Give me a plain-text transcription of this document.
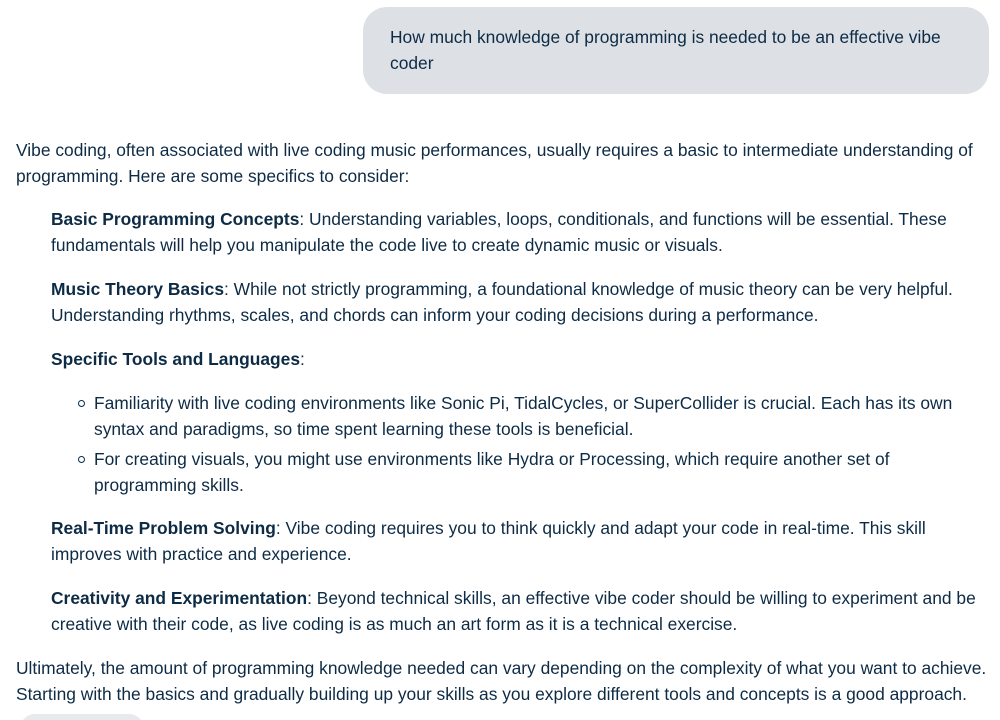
How much knowledge of programming is needed to be an effective vibe coder

Vibe coding, often associated with live coding music performances, usually requires a basic to intermediate understanding of programming. Here are some specifics to consider:

Basic Programming Concepts: Understanding variables, loops, conditionals, and functions will be essential. These fundamentals will help you manipulate the code live to create dynamic music or visuals.
Music Theory Basics: While not strictly programming, a foundational knowledge of music theory can be very helpful. Understanding rhythms, scales, and chords can inform your coding decisions during a performance.
Specific Tools and Languages:
Familiarity with live coding environments like Sonic Pi, TidalCycles, or SuperCollider is crucial. Each has its own syntax and paradigms, so time spent learning these tools is beneficial.
For creating visuals, you might use environments like Hydra or Processing, which require another set of programming skills.
Real-Time Problem Solving: Vibe coding requires you to think quickly and adapt your code in real-time. This skill improves with practice and experience.
Creativity and Experimentation: Beyond technical skills, an effective vibe coder should be willing to experiment and be creative with their code, as live coding is as much an art form as it is a technical exercise.

Ultimately, the amount of programming knowledge needed can vary depending on the complexity of what you want to achieve. Starting with the basics and gradually building up your skills as you explore different tools and concepts is a good approach.
